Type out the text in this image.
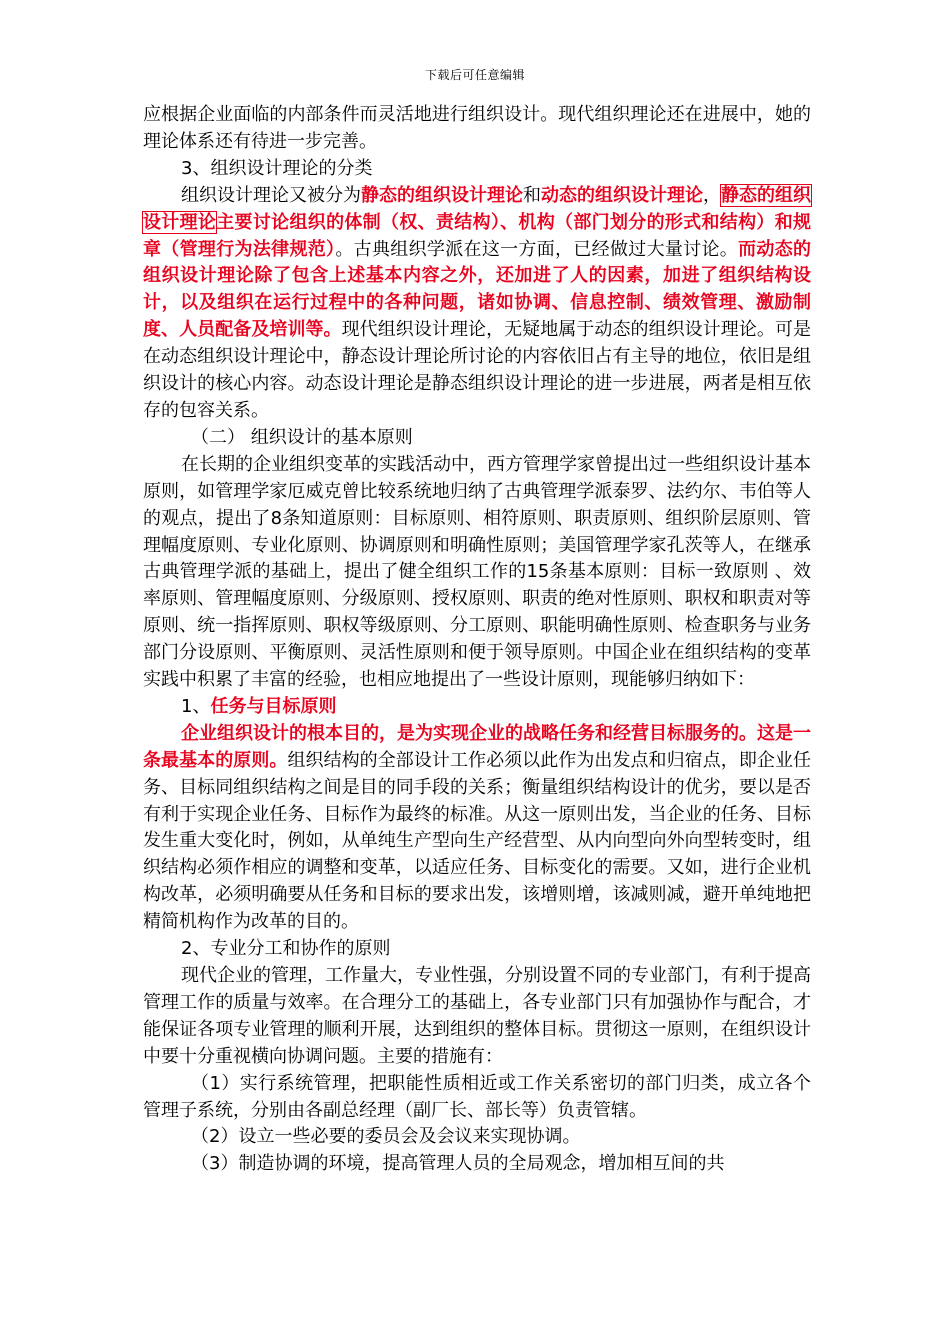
下载后可任意编辑

应根据企业面临的内部条件而灵活地进行组织设计。现代组织理论还在进展中，她的理论体系还有待进一步完善。

3、组织设计理论的分类

组织设计理论又被分为静态的组织设计理论和动态的组织设计理论，静态的组织设计理论主要讨论组织的体制（权、责结构）、机构（部门划分的形式和结构）和规章（管理行为法律规范）。古典组织学派在这一方面，已经做过大量讨论。而动态的组织设计理论除了包含上述基本内容之外，还加进了人的因素，加进了组织结构设计，以及组织在运行过程中的各种问题，诸如协调、信息控制、绩效管理、激励制度、人员配备及培训等。现代组织设计理论，无疑地属于动态的组织设计理论。可是在动态组织设计理论中，静态设计理论所讨论的内容依旧占有主导的地位，依旧是组织设计的核心内容。动态设计理论是静态组织设计理论的进一步进展，两者是相互依存的包容关系。

（二） 组织设计的基本原则

在长期的企业组织变革的实践活动中，西方管理学家曾提出过一些组织设计基本原则，如管理学家厄威克曾比较系统地归纳了古典管理学派泰罗、法约尔、韦伯等人的观点，提出了8条知道原则：目标原则、相符原则、职责原则、组织阶层原则、管理幅度原则、专业化原则、协调原则和明确性原则；美国管理学家孔茨等人，在继承古典管理学派的基础上，提出了健全组织工作的15条基本原则：目标一致原则 、效率原则、管理幅度原则、分级原则、授权原则、职责的绝对性原则、职权和职责对等原则、统一指挥原则、职权等级原则、分工原则、职能明确性原则、检查职务与业务部门分设原则、平衡原则、灵活性原则和便于领导原则。中国企业在组织结构的变革实践中积累了丰富的经验，也相应地提出了一些设计原则，现能够归纳如下：

1、任务与目标原则

企业组织设计的根本目的，是为实现企业的战略任务和经营目标服务的。这是一条最基本的原则。组织结构的全部设计工作必须以此作为出发点和归宿点，即企业任务、目标同组织结构之间是目的同手段的关系；衡量组织结构设计的优劣，要以是否有利于实现企业任务、目标作为最终的标准。从这一原则出发，当企业的任务、目标发生重大变化时，例如，从单纯生产型向生产经营型、从内向型向外向型转变时，组织结构必须作相应的调整和变革，以适应任务、目标变化的需要。又如，进行企业机构改革，必须明确要从任务和目标的要求出发，该增则增，该减则减，避开单纯地把精简机构作为改革的目的。

2、专业分工和协作的原则

现代企业的管理，工作量大，专业性强，分别设置不同的专业部门，有利于提高管理工作的质量与效率。在合理分工的基础上，各专业部门只有加强协作与配合，才能保证各项专业管理的顺利开展，达到组织的整体目标。贯彻这一原则，在组织设计中要十分重视横向协调问题。主要的措施有：

（1）实行系统管理，把职能性质相近或工作关系密切的部门归类，成立各个管理子系统，分别由各副总经理（副厂长、部长等）负责管辖。

（2）设立一些必要的委员会及会议来实现协调。

（3）制造协调的环境，提高管理人员的全局观念，增加相互间的共
